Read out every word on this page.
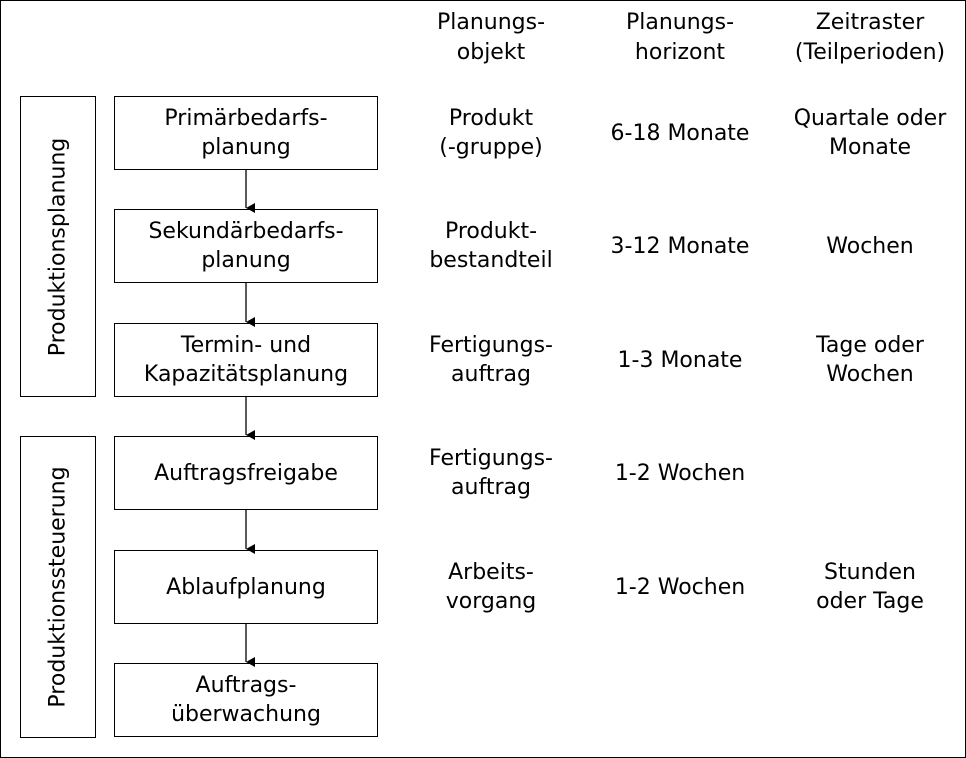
Planungs-
objekt
Planungs-
horizont
Zeitraster
(Teilperioden)
Produktionsplanung
Produktionssteuerung
Primärbedarfs-
planung
Sekundärbedarfs-
planung
Termin- und
Kapazitätsplanung
Auftragsfreigabe
Ablaufplanung
Auftrags-
überwachung
Produkt
(-gruppe)
Produkt-
bestandteil
Fertigungs-
auftrag
Fertigungs-
auftrag
Arbeits-
vorgang
6-18 Monate
3-12 Monate
1-3 Monate
1-2 Wochen
1-2 Wochen
Quartale oder
Monate
Wochen
Tage oder
Wochen
Stunden
oder Tage
